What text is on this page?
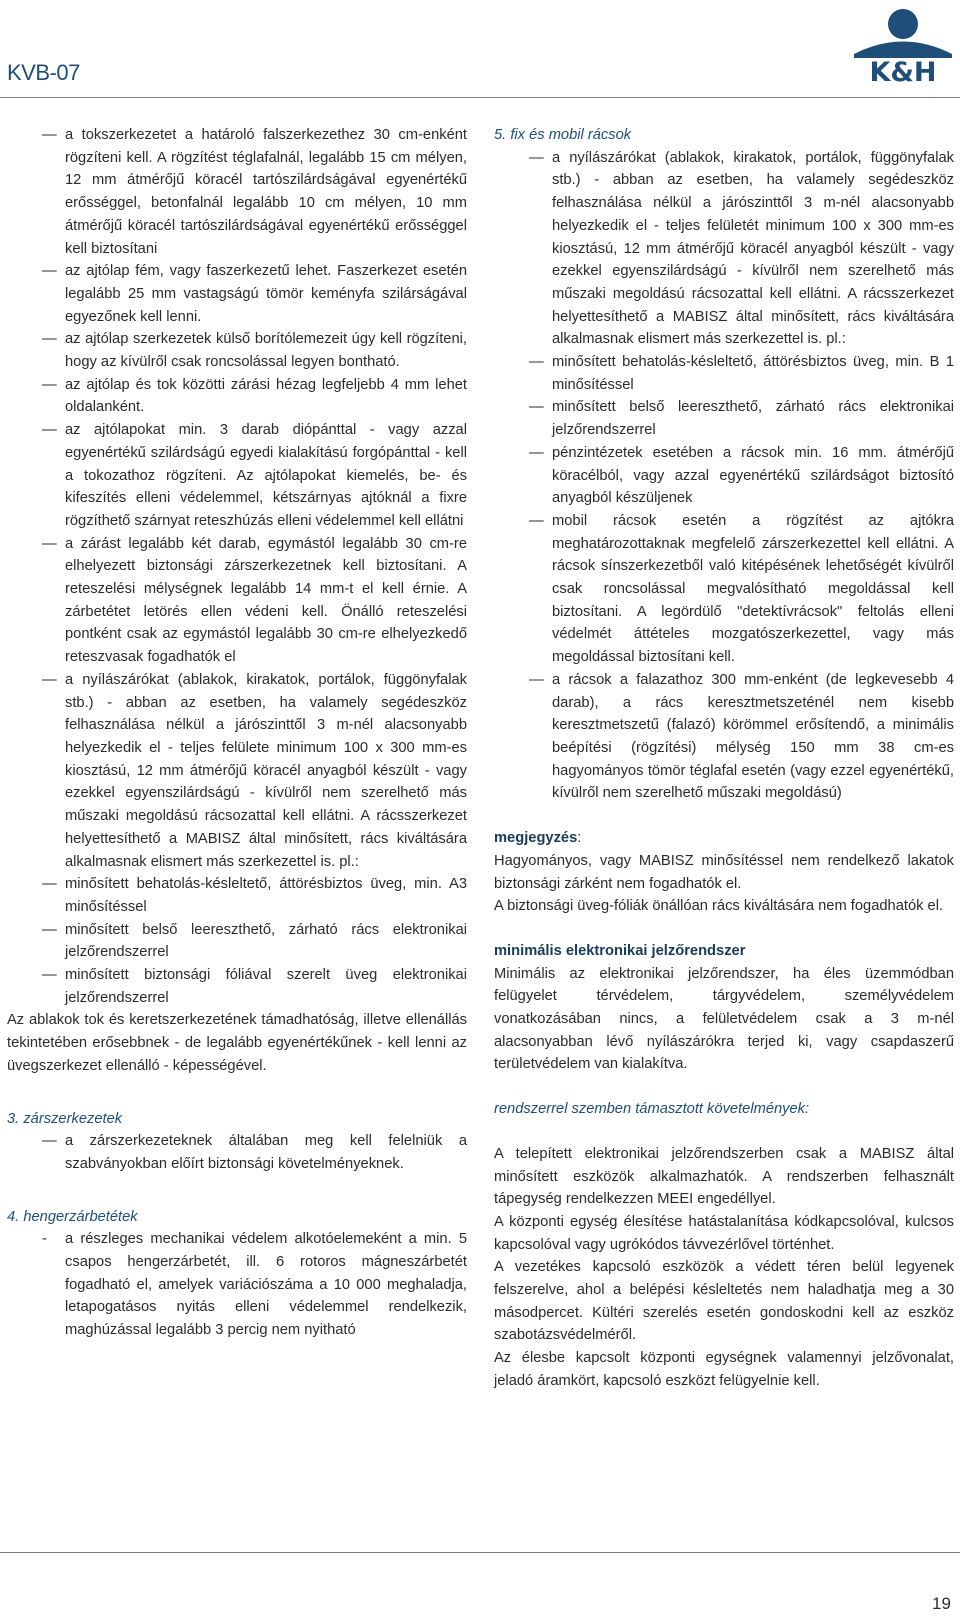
KVB-07	K&H
— a tokszerkezetet a határoló falszerkezethez 30 cm-enként rögzíteni kell. A rögzítést téglafalnál, legalább 15 cm mélyen, 12 mm átmérőjű köracél tartószilárdságával egyenértékű erősséggel, betonfalnál legalább 10 cm mélyen, 10 mm átmérőjű köracél tartószilárdságával egyenértékű erősséggel kell biztosítani
— az ajtólap fém, vagy faszerkezetű lehet. Faszerkezet esetén legalább 25 mm vastagságú tömör keményfa szilárságával egyezőnek kell lenni.
— az ajtólap szerkezetek külső borítólemezeit úgy kell rögzíteni, hogy az kívülről csak roncsolással legyen bontható.
— az ajtólap és tok közötti zárási hézag legfeljebb 4 mm lehet oldalanként.
— az ajtólapokat min. 3 darab diópánttal - vagy azzal egyenértékű szilárdságú egyedi kialakítású forgópánttal - kell a tokozathoz rögzíteni. Az ajtólapokat kiemelés, be- és kifeszítés elleni védelemmel, kétszárnyas ajtóknál a fixre rögzíthető szárnyat reteszhúzás elleni védelemmel kell ellátni
— a zárást legalább két darab, egymástól legalább 30 cm-re elhelyezett biztonsági zárszerkezetnek kell biztosítani. A reteszelési mélységnek legalább 14 mm-t el kell érnie. A zárbetétet letörés ellen védeni kell. Önálló reteszelési pontként csak az egymástól legalább 30 cm-re elhelyezkedő reteszvasak fogadhatók el
— a nyílászárókat (ablakok, kirakatok, portálok, függönyfalak stb.) - abban az esetben, ha valamely segédeszköz felhasználása nélkül a járószinttől 3 m-nél alacsonyabb helyezkedik el - teljes felülete minimum 100 x 300 mm-es kiosztású, 12 mm átmérőjű köracél anyagból készült - vagy ezekkel egyenszilárdságú - kívülről nem szerelhető más műszaki megoldású rácsozattal kell ellátni. A rácsszerkezet helyettesíthető a MABISZ által minősített, rács kiváltására alkalmasnak elismert más szerkezettel is. pl.:
— minősített behatolás-késleltető, áttörésbiztos üveg, min. A3 minősítéssel
— minősített belső leereszthető, zárható rács elektronikai jelzőrendszerrel
— minősített biztonsági fóliával szerelt üveg elektronikai jelzőrendszerrel

Az ablakok tok és keretszerkezetének támadhatóság, illetve ellenállás tekintetében erősebbnek - de legalább egyenértékűnek - kell lenni az üvegszerkezet ellenálló - képességével.

3. zárszerkezetek

— a zárszerkezeteknek általában meg kell felelniük a szabványokban előírt biztonsági követelményeknek.

4. hengerzárbetétek

- a részleges mechanikai védelem alkotóelemeként a min. 5 csapos hengerzárbetét, ill. 6 rotoros mágneszárbetét fogadható el, amelyek variációszáma a 10 000 meghaladja, letapogatásos nyitás elleni védelemmel rendelkezik, maghúzással legalább 3 percig nem nyitható

5. fix és mobil rácsok

— a nyílászárókat (ablakok, kirakatok, portálok, függönyfalak stb.) - abban az esetben, ha valamely segédeszköz felhasználása nélkül a járószinttől 3 m-nél alacsonyabb helyezkedik el - teljes felületét minimum 100 x 300 mm-es kiosztású, 12 mm átmérőjű köracél anyagból készült - vagy ezekkel egyenszilárdságú - kívülről nem szerelhető más műszaki megoldású rácsozattal kell ellátni. A rácsszerkezet helyettesíthető a MABISZ által minősített, rács kiváltására alkalmasnak elismert más szerkezettel is. pl.:
— minősített behatolás-késleltető, áttörésbiztos üveg, min. B 1 minősítéssel
— minősített belső leereszthető, zárható rács elektronikai jelzőrendszerrel
— pénzintézetek esetében a rácsok min. 16 mm. átmérőjű köracélból, vagy azzal egyenértékű szilárdságot biztosító anyagból készüljenek
— mobil rácsok esetén a rögzítést az ajtókra meghatározottaknak megfelelő zárszerkezettel kell ellátni. A rácsok sínszerkezetből való kitépésének lehetőségét kívülről csak roncsolással megvalósítható megoldással kell biztosítani. A legördülő "detektívrácsok" feltolás elleni védelmét áttételes mozgatószerkezettel, vagy más megoldással biztosítani kell.
— a rácsok a falazathoz 300 mm-enként (de legkevesebb 4 darab), a rács keresztmetszeténél nem kisebb keresztmetszetű (falazó) körömmel erősítendő, a minimális beépítési (rögzítési) mélység 150 mm 38 cm-es hagyományos tömör téglafal esetén (vagy ezzel egyenértékű, kívülről nem szerelhető műszaki megoldású)

megjegyzés:

Hagyományos, vagy MABISZ minősítéssel nem rendelkező lakatok biztonsági zárként nem fogadhatók el.

A biztonsági üveg-fóliák önállóan rács kiváltására nem fogadhatók el.

minimális elektronikai jelzőrendszer

Minimális az elektronikai jelzőrendszer, ha éles üzemmódban felügyelet térvédelem, tárgyvédelem, személyvédelem vonatkozásában nincs, a felületvédelem csak a 3 m-nél alacsonyabban lévő nyílászárókra terjed ki, vagy csapdaszerű területvédelem van kialakítva.

rendszerrel szemben támasztott követelmények:

A telepített elektronikai jelzőrendszerben csak a MABISZ által minősített eszközök alkalmazhatók. A rendszerben felhasznált tápegység rendelkezzen MEEI engedéllyel.

A központi egység élesítése hatástalanítása kódkapcsolóval, kulcsos kapcsolóval vagy ugrókódos távvezérlővel történhet.

A vezetékes kapcsoló eszközök a védett téren belül legyenek felszerelve, ahol a belépési késleltetés nem haladhatja meg a 30 másodpercet. Kültéri szerelés esetén gondoskodni kell az eszköz szabotázsvédelméről.

Az élesbe kapcsolt központi egységnek valamennyi jelzővonalat, jeladó áramkört, kapcsoló eszközt felügyelnie kell.

19
